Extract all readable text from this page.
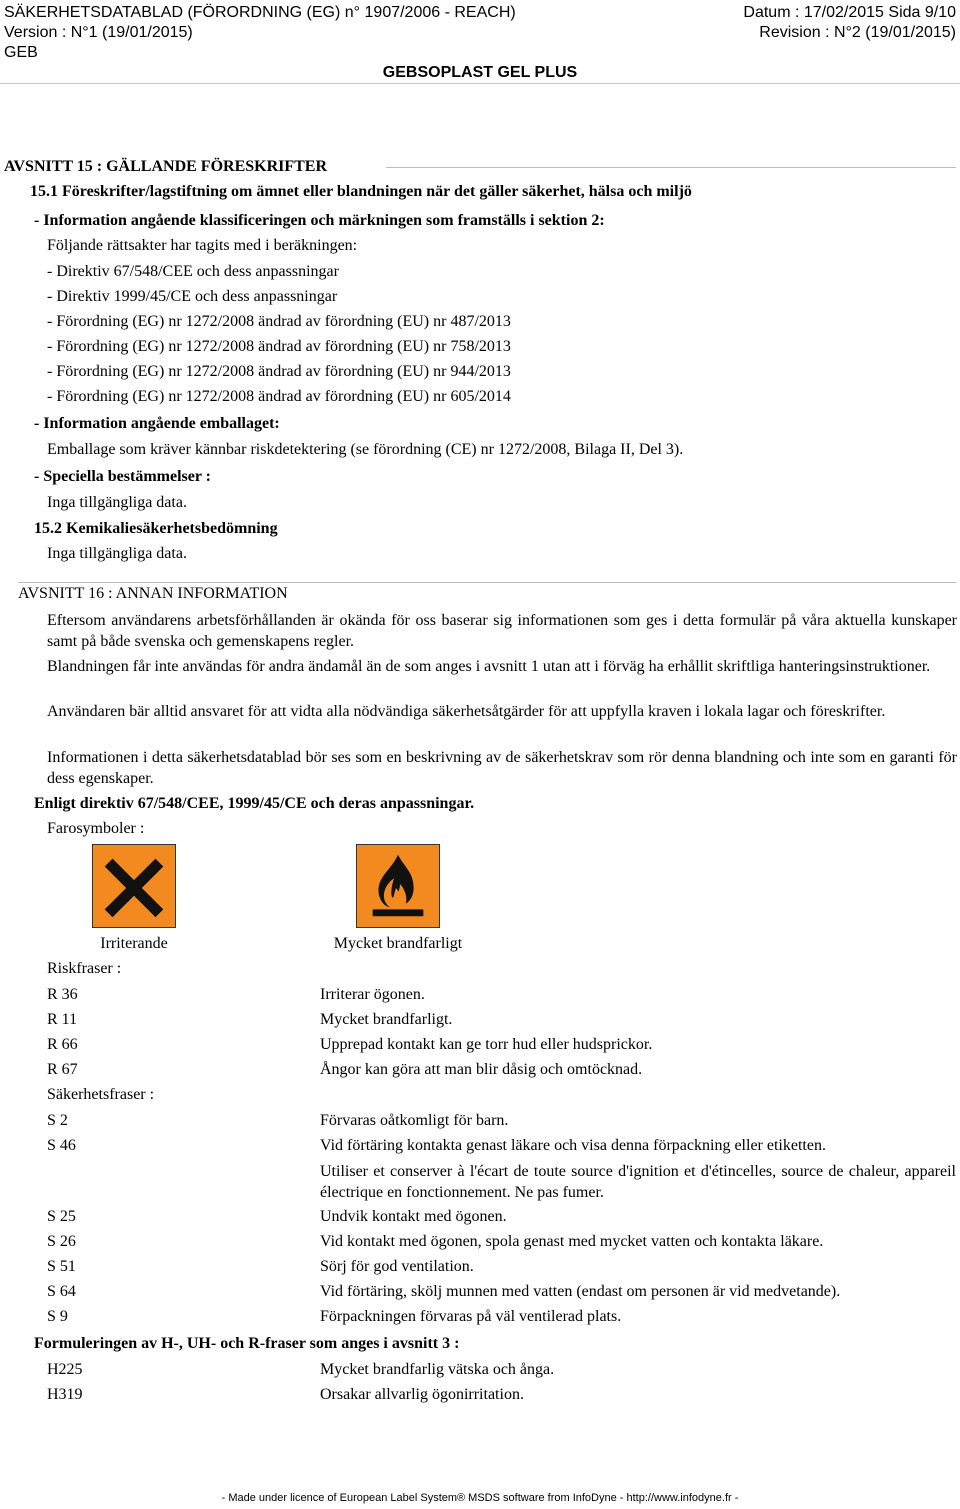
SÄKERHETSDATABLAD (FÖRORDNING (EG) n° 1907/2006 - REACH)	Datum : 17/02/2015 Sida 9/10
Version : N°1 (19/01/2015)	Revision : N°2 (19/01/2015)
GEB
GEBSOPLAST GEL PLUS
AVSNITT 15 : GÄLLANDE FÖRESKRIFTER
15.1 Föreskrifter/lagstiftning om ämnet eller blandningen när det gäller säkerhet, hälsa och miljö
- Information angående klassificeringen och märkningen som framställs i sektion 2:
Följande rättsakter har tagits med i beräkningen:
- Direktiv 67/548/CEE och dess anpassningar
- Direktiv 1999/45/CE och dess anpassningar
- Förordning (EG) nr 1272/2008 ändrad av förordning (EU) nr 487/2013
- Förordning (EG) nr 1272/2008 ändrad av förordning (EU) nr 758/2013
- Förordning (EG) nr 1272/2008 ändrad av förordning (EU) nr 944/2013
- Förordning (EG) nr 1272/2008 ändrad av förordning (EU) nr 605/2014
- Information angående emballaget:
Emballage som kräver kännbar riskdetektering (se förordning (CE) nr 1272/2008, Bilaga II, Del 3).
- Speciella bestämmelser :
Inga tillgängliga data.
15.2 Kemikaliesäkerhetsbedömning
Inga tillgängliga data.
AVSNITT 16 : ANNAN INFORMATION
Eftersom användarens arbetsförhållanden är okända för oss baserar sig informationen som ges i detta formulär på våra aktuella kunskaper samt på både svenska och gemenskapens regler.
Blandningen får inte användas för andra ändamål än de som anges i avsnitt 1 utan att i förväg ha erhållit skriftliga hanteringsinstruktioner.
Användaren bär alltid ansvaret för att vidta alla nödvändiga säkerhetsåtgärder för att uppfylla kraven i lokala lagar och föreskrifter.
Informationen i detta säkerhetsdatablad bör ses som en beskrivning av de säkerhetskrav som rör denna blandning och inte som en garanti för dess egenskaper.
Enligt direktiv 67/548/CEE, 1999/45/CE och deras anpassningar.
Farosymboler :
Irriterande	Mycket brandfarligt
Riskfraser :
R 36	Irriterar ögonen.
R 11	Mycket brandfarligt.
R 66	Upprepad kontakt kan ge torr hud eller hudsprickor.
R 67	Ångor kan göra att man blir dåsig och omtöcknad.
Säkerhetsfraser :
S 2	Förvaras oåtkomligt för barn.
S 46	Vid förtäring kontakta genast läkare och visa denna förpackning eller etiketten.
Utiliser et conserver à l'écart de toute source d'ignition et d'étincelles, source de chaleur, appareil électrique en fonctionnement. Ne pas fumer.
S 25	Undvik kontakt med ögonen.
S 26	Vid kontakt med ögonen, spola genast med mycket vatten och kontakta läkare.
S 51	Sörj för god ventilation.
S 64	Vid förtäring, skölj munnen med vatten (endast om personen är vid medvetande).
S 9	Förpackningen förvaras på väl ventilerad plats.
Formuleringen av H-, UH- och R-fraser som anges i avsnitt 3 :
H225	Mycket brandfarlig vätska och ånga.
H319	Orsakar allvarlig ögonirritation.
- Made under licence of European Label System® MSDS software from InfoDyne - http://www.infodyne.fr -
